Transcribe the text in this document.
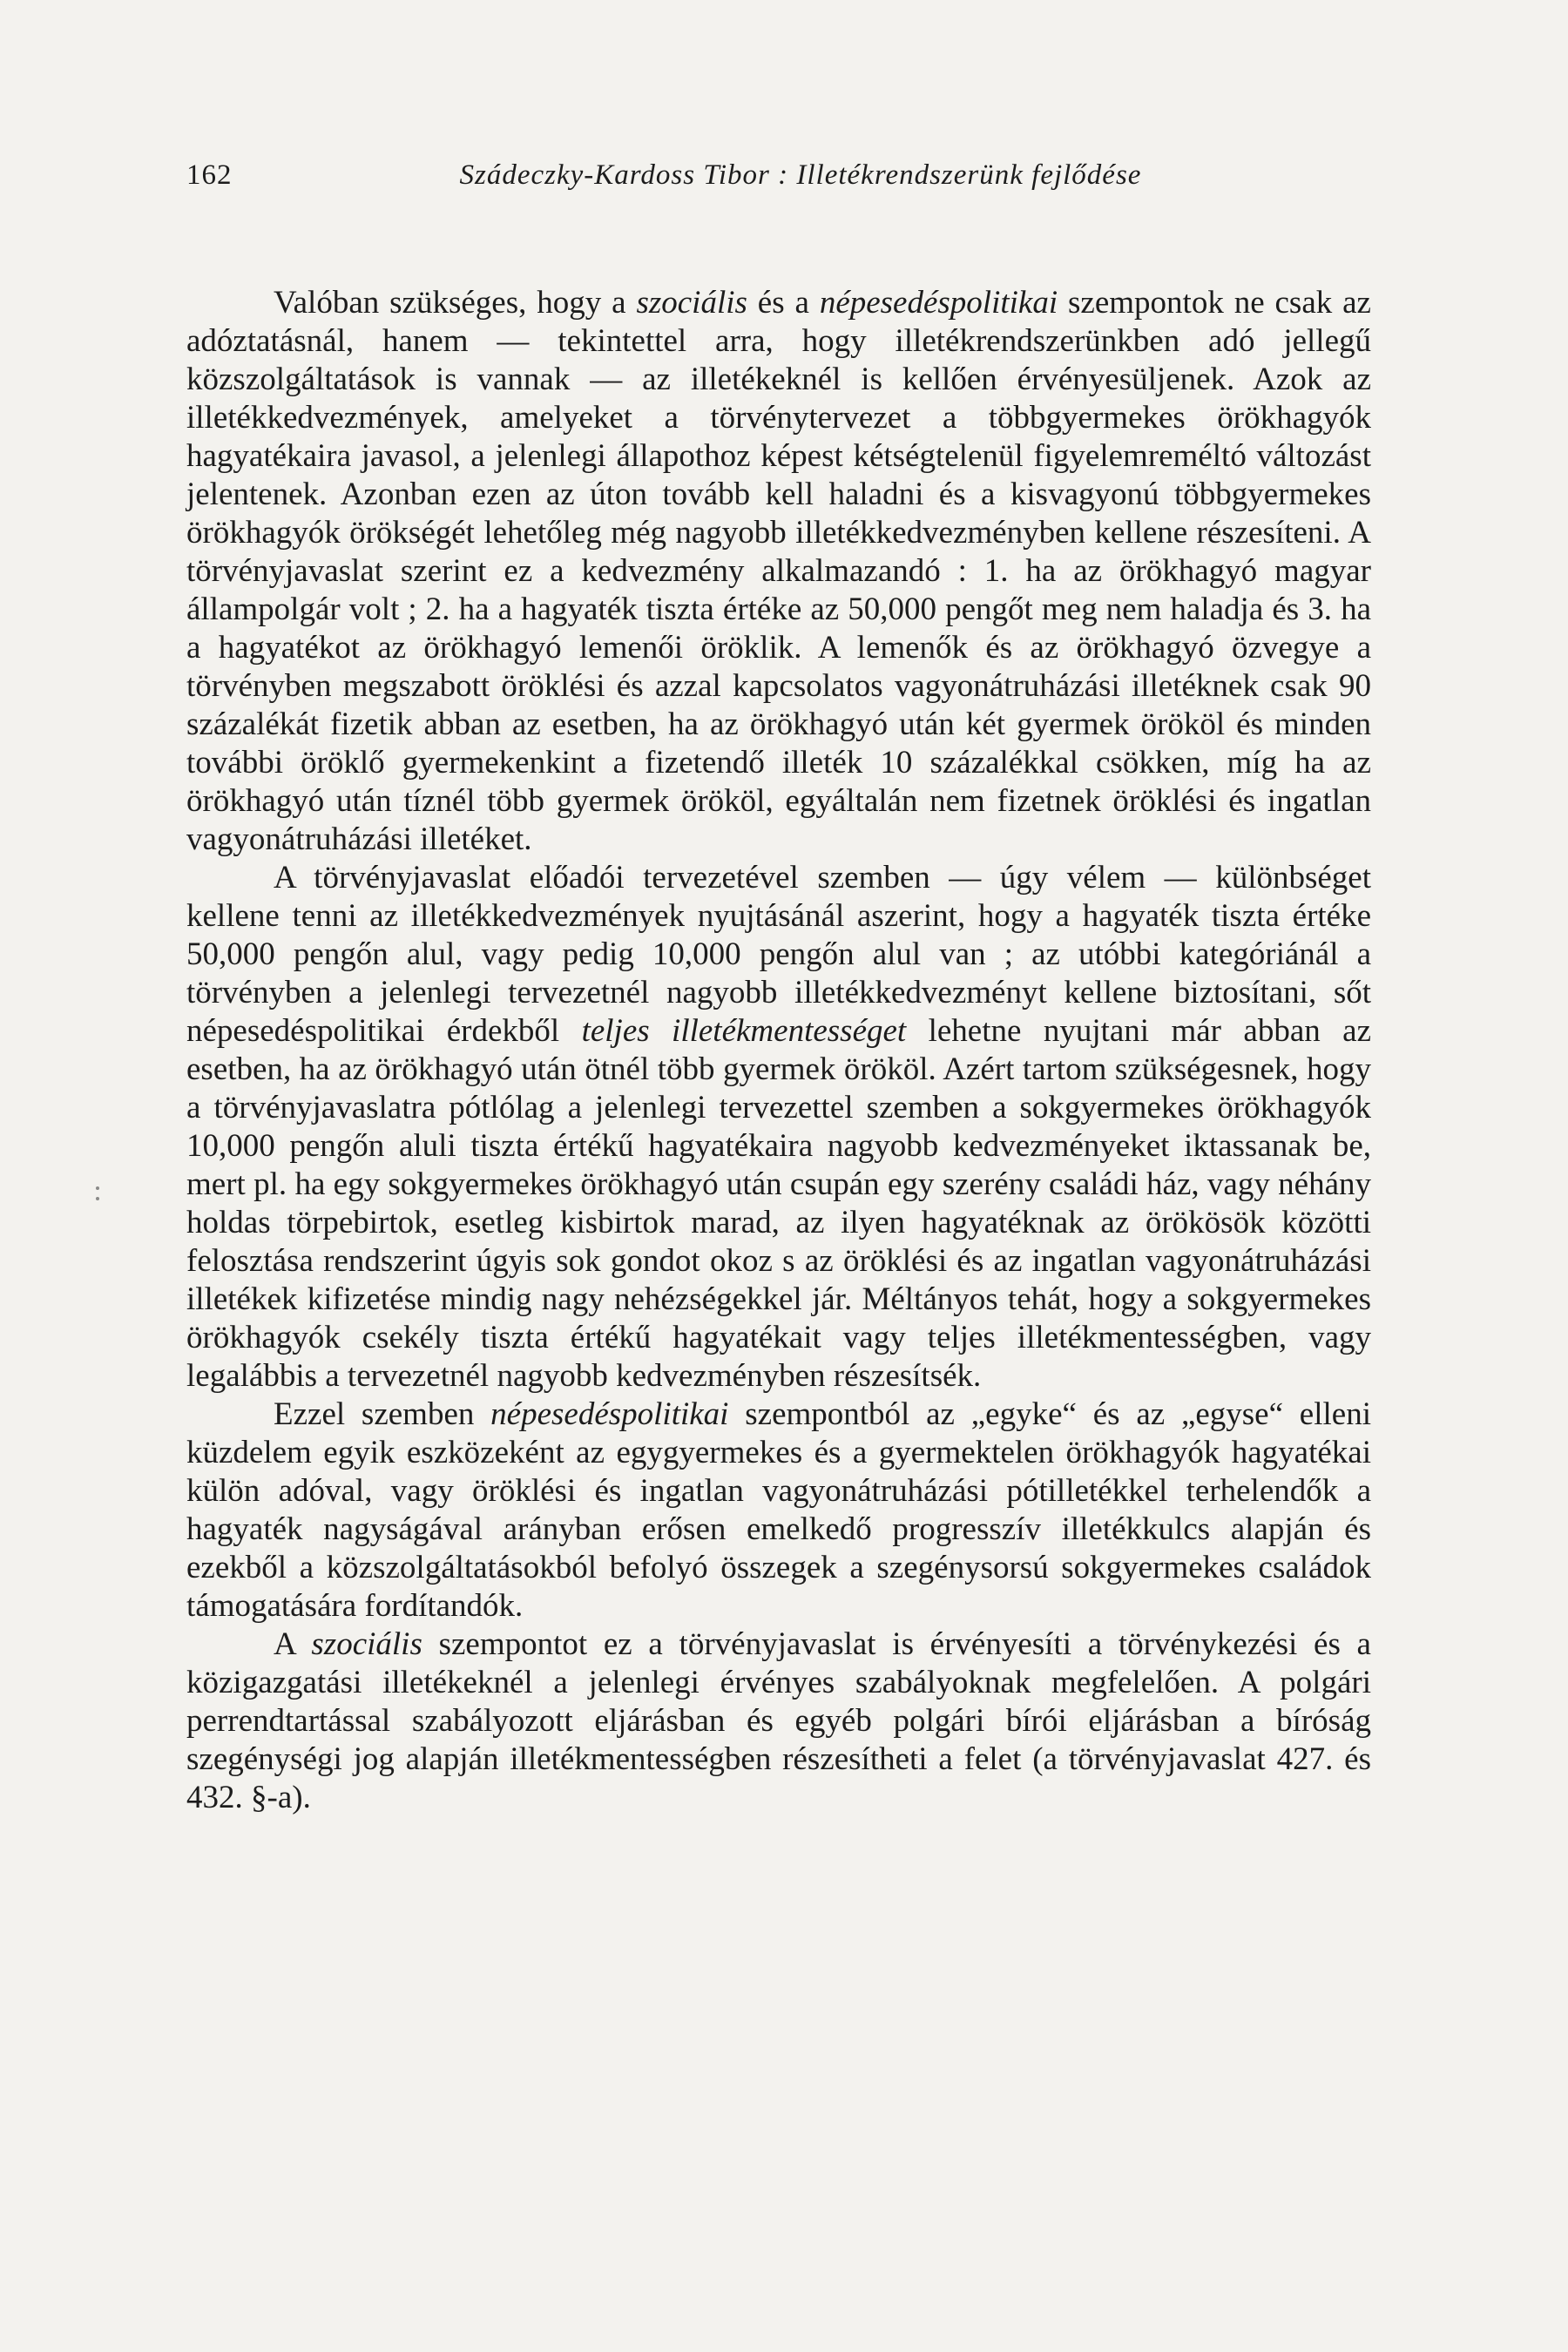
162	Szádeczky-Kardoss Tibor : Illetékrendszerünk fejlődése

Valóban szükséges, hogy a szociális és a népesedéspolitikai szempontok ne csak az adóztatásnál, hanem — tekintettel arra, hogy illetékrendszerünkben adó jellegű közszolgáltatások is vannak — az illetékeknél is kellően érvényesüljenek. Azok az illetékkedvezmények, amelyeket a törvénytervezet a többgyermekes örökhagyók hagyatékaira javasol, a jelenlegi állapothoz képest kétségtelenül figyelemreméltó változást jelentenek. Azonban ezen az úton tovább kell haladni és a kisvagyonú többgyermekes örökhagyók örökségét lehetőleg még nagyobb illetékkedvezményben kellene részesíteni. A törvényjavaslat szerint ez a kedvezmény alkalmazandó : 1. ha az örökhagyó magyar állampolgár volt ; 2. ha a hagyaték tiszta értéke az 50,000 pengőt meg nem haladja és 3. ha a hagyatékot az örökhagyó lemenői öröklik. A lemenők és az örökhagyó özvegye a törvényben megszabott öröklési és azzal kapcsolatos vagyonátruházási illetéknek csak 90 százalékát fizetik abban az esetben, ha az örökhagyó után két gyermek örököl és minden további öröklő gyermekenkint a fizetendő illeték 10 százalékkal csökken, míg ha az örökhagyó után tíznél több gyermek örököl, egyáltalán nem fizetnek öröklési és ingatlan vagyonátruházási illetéket.

A törvényjavaslat előadói tervezetével szemben — úgy vélem — különbséget kellene tenni az illetékkedvezmények nyujtásánál aszerint, hogy a hagyaték tiszta értéke 50,000 pengőn alul, vagy pedig 10,000 pengőn alul van ; az utóbbi kategóriánál a törvényben a jelenlegi tervezetnél nagyobb illetékkedvezményt kellene biztosítani, sőt népesedéspolitikai érdekből teljes illetékmentességet lehetne nyujtani már abban az esetben, ha az örökhagyó után ötnél több gyermek örököl. Azért tartom szükségesnek, hogy a törvényjavaslatra pótlólag a jelenlegi tervezettel szemben a sokgyermekes örökhagyók 10,000 pengőn aluli tiszta értékű hagyatékaira nagyobb kedvezményeket iktassanak be, mert pl. ha egy sokgyermekes örökhagyó után csupán egy szerény családi ház, vagy néhány holdas törpebirtok, esetleg kisbirtok marad, az ilyen hagyatéknak az örökösök közötti felosztása rendszerint úgyis sok gondot okoz s az öröklési és az ingatlan vagyonátruházási illetékek kifizetése mindig nagy nehézségekkel jár. Méltányos tehát, hogy a sokgyermekes örökhagyók csekély tiszta értékű hagyatékait vagy teljes illetékmentességben, vagy legalábbis a tervezetnél nagyobb kedvezményben részesítsék.

Ezzel szemben népesedéspolitikai szempontból az „egyke“ és az „egyse“ elleni küzdelem egyik eszközeként az egygyermekes és a gyermektelen örökhagyók hagyatékai külön adóval, vagy öröklési és ingatlan vagyonátruházási pótilletékkel terhelendők a hagyaték nagyságával arányban erősen emelkedő progresszív illetékkulcs alapján és ezekből a közszolgáltatásokból befolyó összegek a szegénysorsú sokgyermekes családok támogatására fordítandók.

A szociális szempontot ez a törvényjavaslat is érvényesíti a törvénykezési és a közigazgatási illetékeknél a jelenlegi érvényes szabályoknak megfelelően. A polgári perrendtartással szabályozott eljárásban és egyéb polgári bírói eljárásban a bíróság szegénységi jog alapján illetékmentességben részesítheti a felet (a törvényjavaslat 427. és 432. §-a).
